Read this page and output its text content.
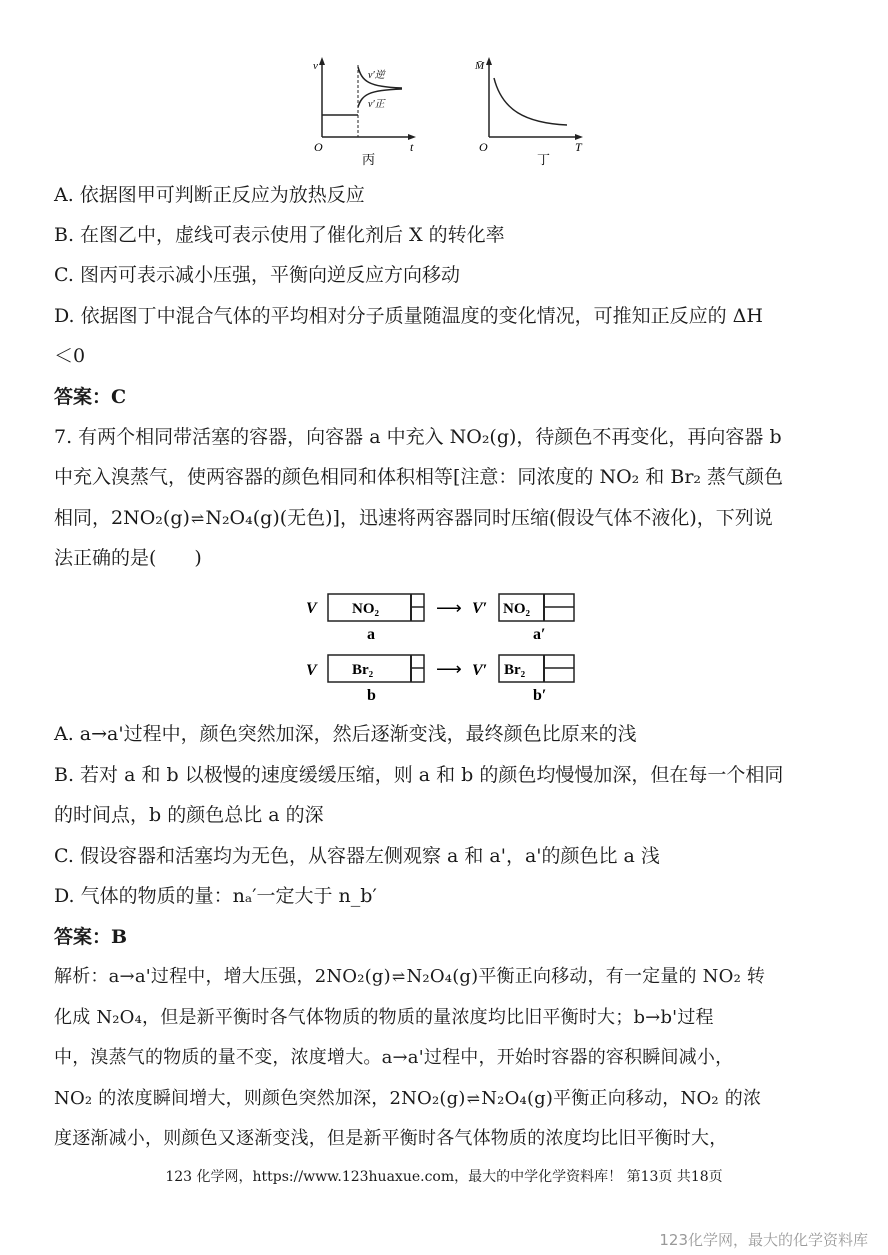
v
t
O
v′逆
v′正
丙
M̄
T
O
丁
A. 依据图甲可判断正反应为放热反应
B. 在图乙中，虚线可表示使用了催化剂后 X 的转化率
C. 图丙可表示减小压强，平衡向逆反应方向移动
D. 依据图丁中混合气体的平均相对分子质量随温度的变化情况，可推知正反应的 ΔH
＜0
答案：C
7. 有两个相同带活塞的容器，向容器 a 中充入 NO₂(g)，待颜色不再变化，再向容器 b
中充入溴蒸气，使两容器的颜色相同和体积相等[注意：同浓度的 NO₂ 和 Br₂ 蒸气颜色
相同，2NO₂(g)⇌N₂O₄(g)(无色)]，迅速将两容器同时压缩(假设气体不液化)，下列说
法正确的是(　　)
V NO₂
a
⟶ V′ NO₂
a′
V Br₂
b
⟶ V′ Br₂
b′
A. a→a'过程中，颜色突然加深，然后逐渐变浅，最终颜色比原来的浅
B. 若对 a 和 b 以极慢的速度缓缓压缩，则 a 和 b 的颜色均慢慢加深，但在每一个相同
的时间点，b 的颜色总比 a 的深
C. 假设容器和活塞均为无色，从容器左侧观察 a 和 a'，a'的颜色比 a 浅
D. 气体的物质的量：nₐ′一定大于 n_b′
答案：B
解析：a→a'过程中，增大压强，2NO₂(g)⇌N₂O₄(g)平衡正向移动，有一定量的 NO₂ 转
化成 N₂O₄，但是新平衡时各气体物质的物质的量浓度均比旧平衡时大；b→b'过程
中，溴蒸气的物质的量不变，浓度增大。a→a'过程中，开始时容器的容积瞬间减小，
NO₂ 的浓度瞬间增大，则颜色突然加深，2NO₂(g)⇌N₂O₄(g)平衡正向移动，NO₂ 的浓
度逐渐减小，则颜色又逐渐变浅，但是新平衡时各气体物质的浓度均比旧平衡时大，
123 化学网，https://www.123huaxue.com，最大的中学化学资料库！ 第13页 共18页
123化学网，最大的化学资料库
